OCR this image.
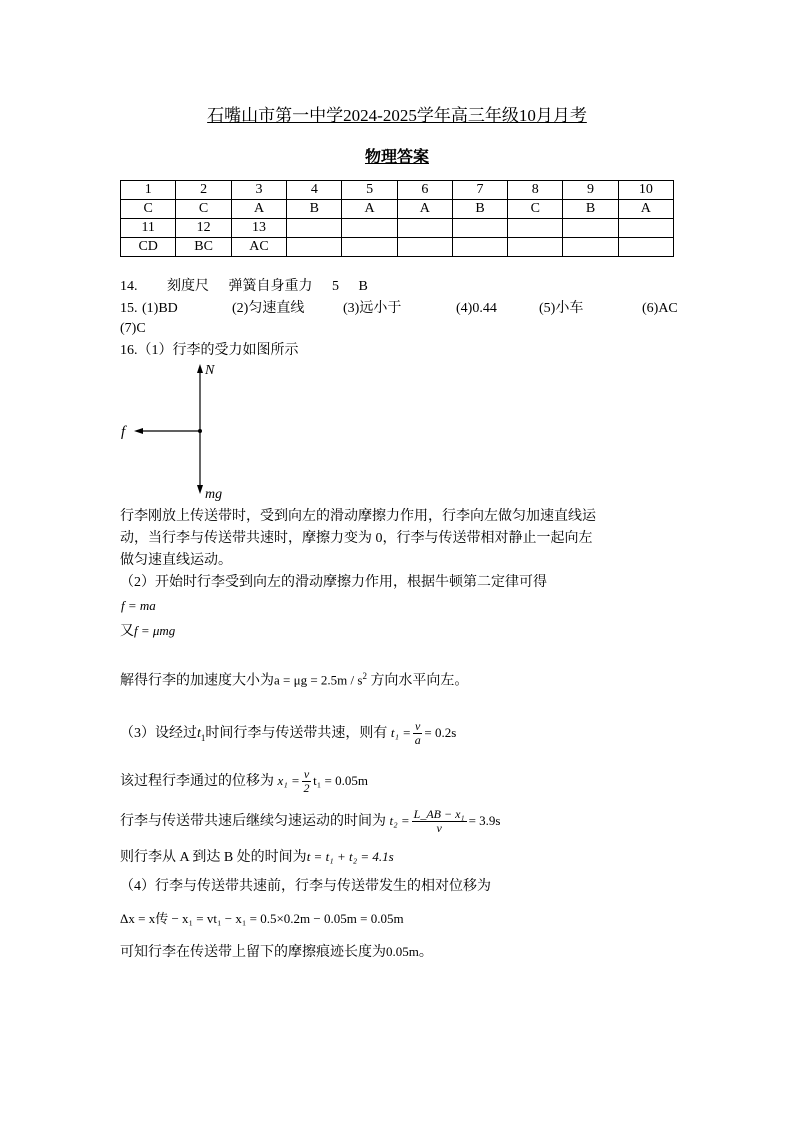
石嘴山市第一中学2024-2025学年高三年级10月月考
物理答案
1	2	3	4	5	6	7	8	9	10
C	C	A	B	A	A	B	C	B	A
11	12	13							
CD	BC	AC							
14. 刻度尺 弹簧自身重力 5 B
15. (1)BD	(2)匀速直线	(3)远小于	(4)0.44	(5)小车	(6)AC
(7)C
16.（1）行李的受力如图所示
N
f
mg
行李刚放上传送带时，受到向左的滑动摩擦力作用，行李向左做匀加速直线运
动，当行李与传送带共速时，摩擦力变为 0，行李与传送带相对静止一起向左
做匀速直线运动。
（2）开始时行李受到向左的滑动摩擦力作用，根据牛顿第二定律可得
f = ma
又f = μmg
解得行李的加速度大小为$a = \mu g = 2.5m / s^2$ 方向水平向左。
（3）设经过$t_1$时间行李与传送带共速，则有 $t_1 = \frac{v}{a} = 0.2s$
该过程行李通过的位移为 $x_1 = \frac{v}{2} t_1 = 0.05m$
行李与传送带共速后继续匀速运动的时间为 $t_2 = \frac{\text{L\_AB − x₁}}{v} = 3.9s$
则行李从 A 到达 B 处的时间为t = t₁ + t₂ = 4.1s
（4）行李与传送带共速前，行李与传送带发生的相对位移为
Δx = x传 − x₁ = vt₁ − x₁ = 0.5×0.2m − 0.05m = 0.05m
可知行李在传送带上留下的摩擦痕迹长度为0.05m。
